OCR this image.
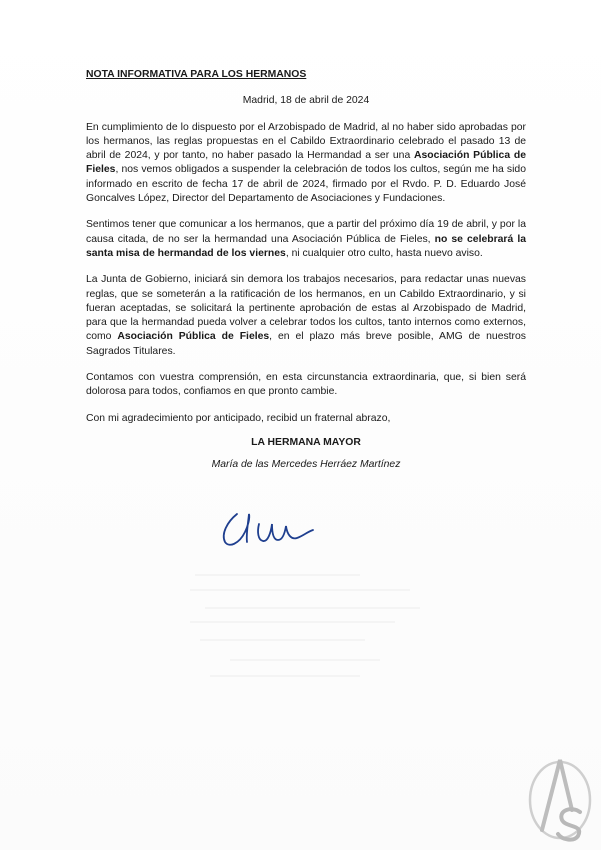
NOTA INFORMATIVA PARA LOS HERMANOS
Madrid, 18 de abril de 2024

En cumplimiento de lo dispuesto por el Arzobispado de Madrid, al no haber sido aprobadas por los hermanos, las reglas propuestas en el Cabildo Extraordinario celebrado el pasado 13 de abril de 2024, y por tanto, no haber pasado la Hermandad a ser una Asociación Pública de Fieles, nos vemos obligados a suspender la celebración de todos los cultos, según me ha sido informado en escrito de fecha 17 de abril de 2024, firmado por el Rvdo. P. D. Eduardo José Goncalves López, Director del Departamento de Asociaciones y Fundaciones.

Sentimos tener que comunicar a los hermanos, que a partir del próximo día 19 de abril, y por la causa citada, de no ser la hermandad una Asociación Pública de Fieles, no se celebrará la santa misa de hermandad de los viernes, ni cualquier otro culto, hasta nuevo aviso.

La Junta de Gobierno, iniciará sin demora los trabajos necesarios, para redactar unas nuevas reglas, que se someterán a la ratificación de los hermanos, en un Cabildo Extraordinario, y si fueran aceptadas, se solicitará la pertinente aprobación de estas al Arzobispado de Madrid, para que la hermandad pueda volver a celebrar todos los cultos, tanto internos como externos, como Asociación Pública de Fieles, en el plazo más breve posible, AMG de nuestros Sagrados Titulares.

Contamos con vuestra comprensión, en esta circunstancia extraordinaria, que, si bien será dolorosa para todos, confiamos en que pronto cambie.

Con mi agradecimiento por anticipado, recibid un fraternal abrazo,
LA HERMANA MAYOR
María de las Mercedes Herráez Martínez
